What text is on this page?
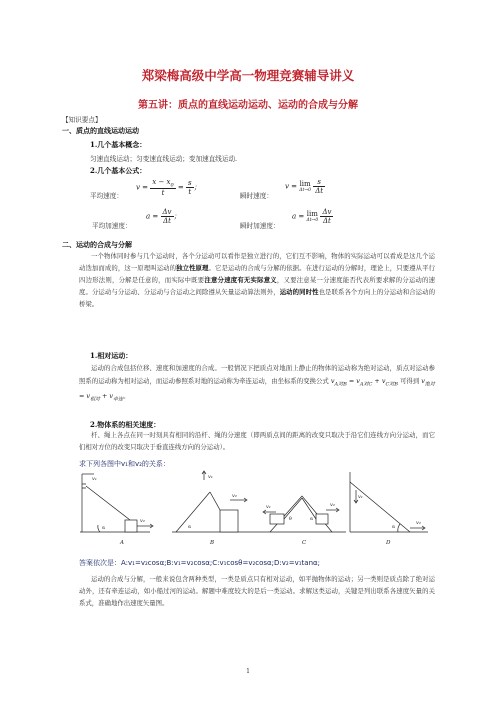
郑梁梅高级中学高一物理竞赛辅导讲义
第五讲：质点的直线运动运动、运动的合成与分解
【知识要点】
一、质点的直线运动运动
1.几个基本概念：
匀速直线运动；匀变速直线运动；变加速直线运动.
2.几个基本公式：
平均速度：
$v = \frac{x - x_0}{t} = \frac{s}{t}$ ；
瞬时速度：
v = lim
Δt→0
$\frac{s}{\Delta t}$
平均加速度：
$a = \frac{\Delta v}{\Delta t}$ ；
瞬时加速度：
a = lim
Δt→0
$\frac{\Delta v}{\Delta t}$
二、运动的合成与分解
一个物体同时参与几个运动时，各个分运动可以看作是独立进行的，它们互不影响，物体的实际运动可以看成是这几个运动迭加而成的，这一原理叫运动的独立性原理。它是运动的合成与分解的依据。在进行运动的分解时，理论上，只要遵从平行四边形法则，分解是任意的，而实际中既要注意分速度有无实际意义，又要注意某一分速度能否代表所要求解的分运动的速度。分运动与分运动、分运动与合运动之间除遵从矢量运动算法则外，运动的同时性也是联系各个方向上的分运动和合运动的桥梁。
1.相对运动：
运动的合成包括位移、速度和加速度的合成。一般情况下把质点对地面上静止的物体的运动称为绝对运动，质点对运动参照系的运动称为相对运动，而运动参照系对地的运动称为牵连运动，由坐标系的变换公式 $v_{A对B} = v_{A对C} + v_{C对B}$ 可得到 $v_{绝对} = v_{相对} + v_{牵连}$。
2.物体系的相关速度：
杆、绳上各点在同一时刻具有相同的沿杆、绳的分速度（即两质点间的距离的改变只取决于沿它们连线方向分运动，而它们相对方位的改变只取决于垂直连线方向的分运动）。
求下列各图中v₁和v₂的关系：
v₁
v₂
α
v₁
v₂
α
v₁	v₂
θ	α
v₁
v₂
α
A	B	C	D
答案依次是：A:v₁=v₂cosα;B:v₁=v₂cosα;C:v₁cosθ=v₂cosα;D:v₂=v₁tanα;
运动的合成与分解，一般来说包含两种类型，一类是质点只有相对运动，如平抛物体的运动；另一类则是质点除了绝对运动外，还有牵连运动，如小船过河的运动。解题中难度较大的是后一类运动。求解这类运动，关键是列出联系各速度矢量的关系式，准确地作出速度矢量图。
1
